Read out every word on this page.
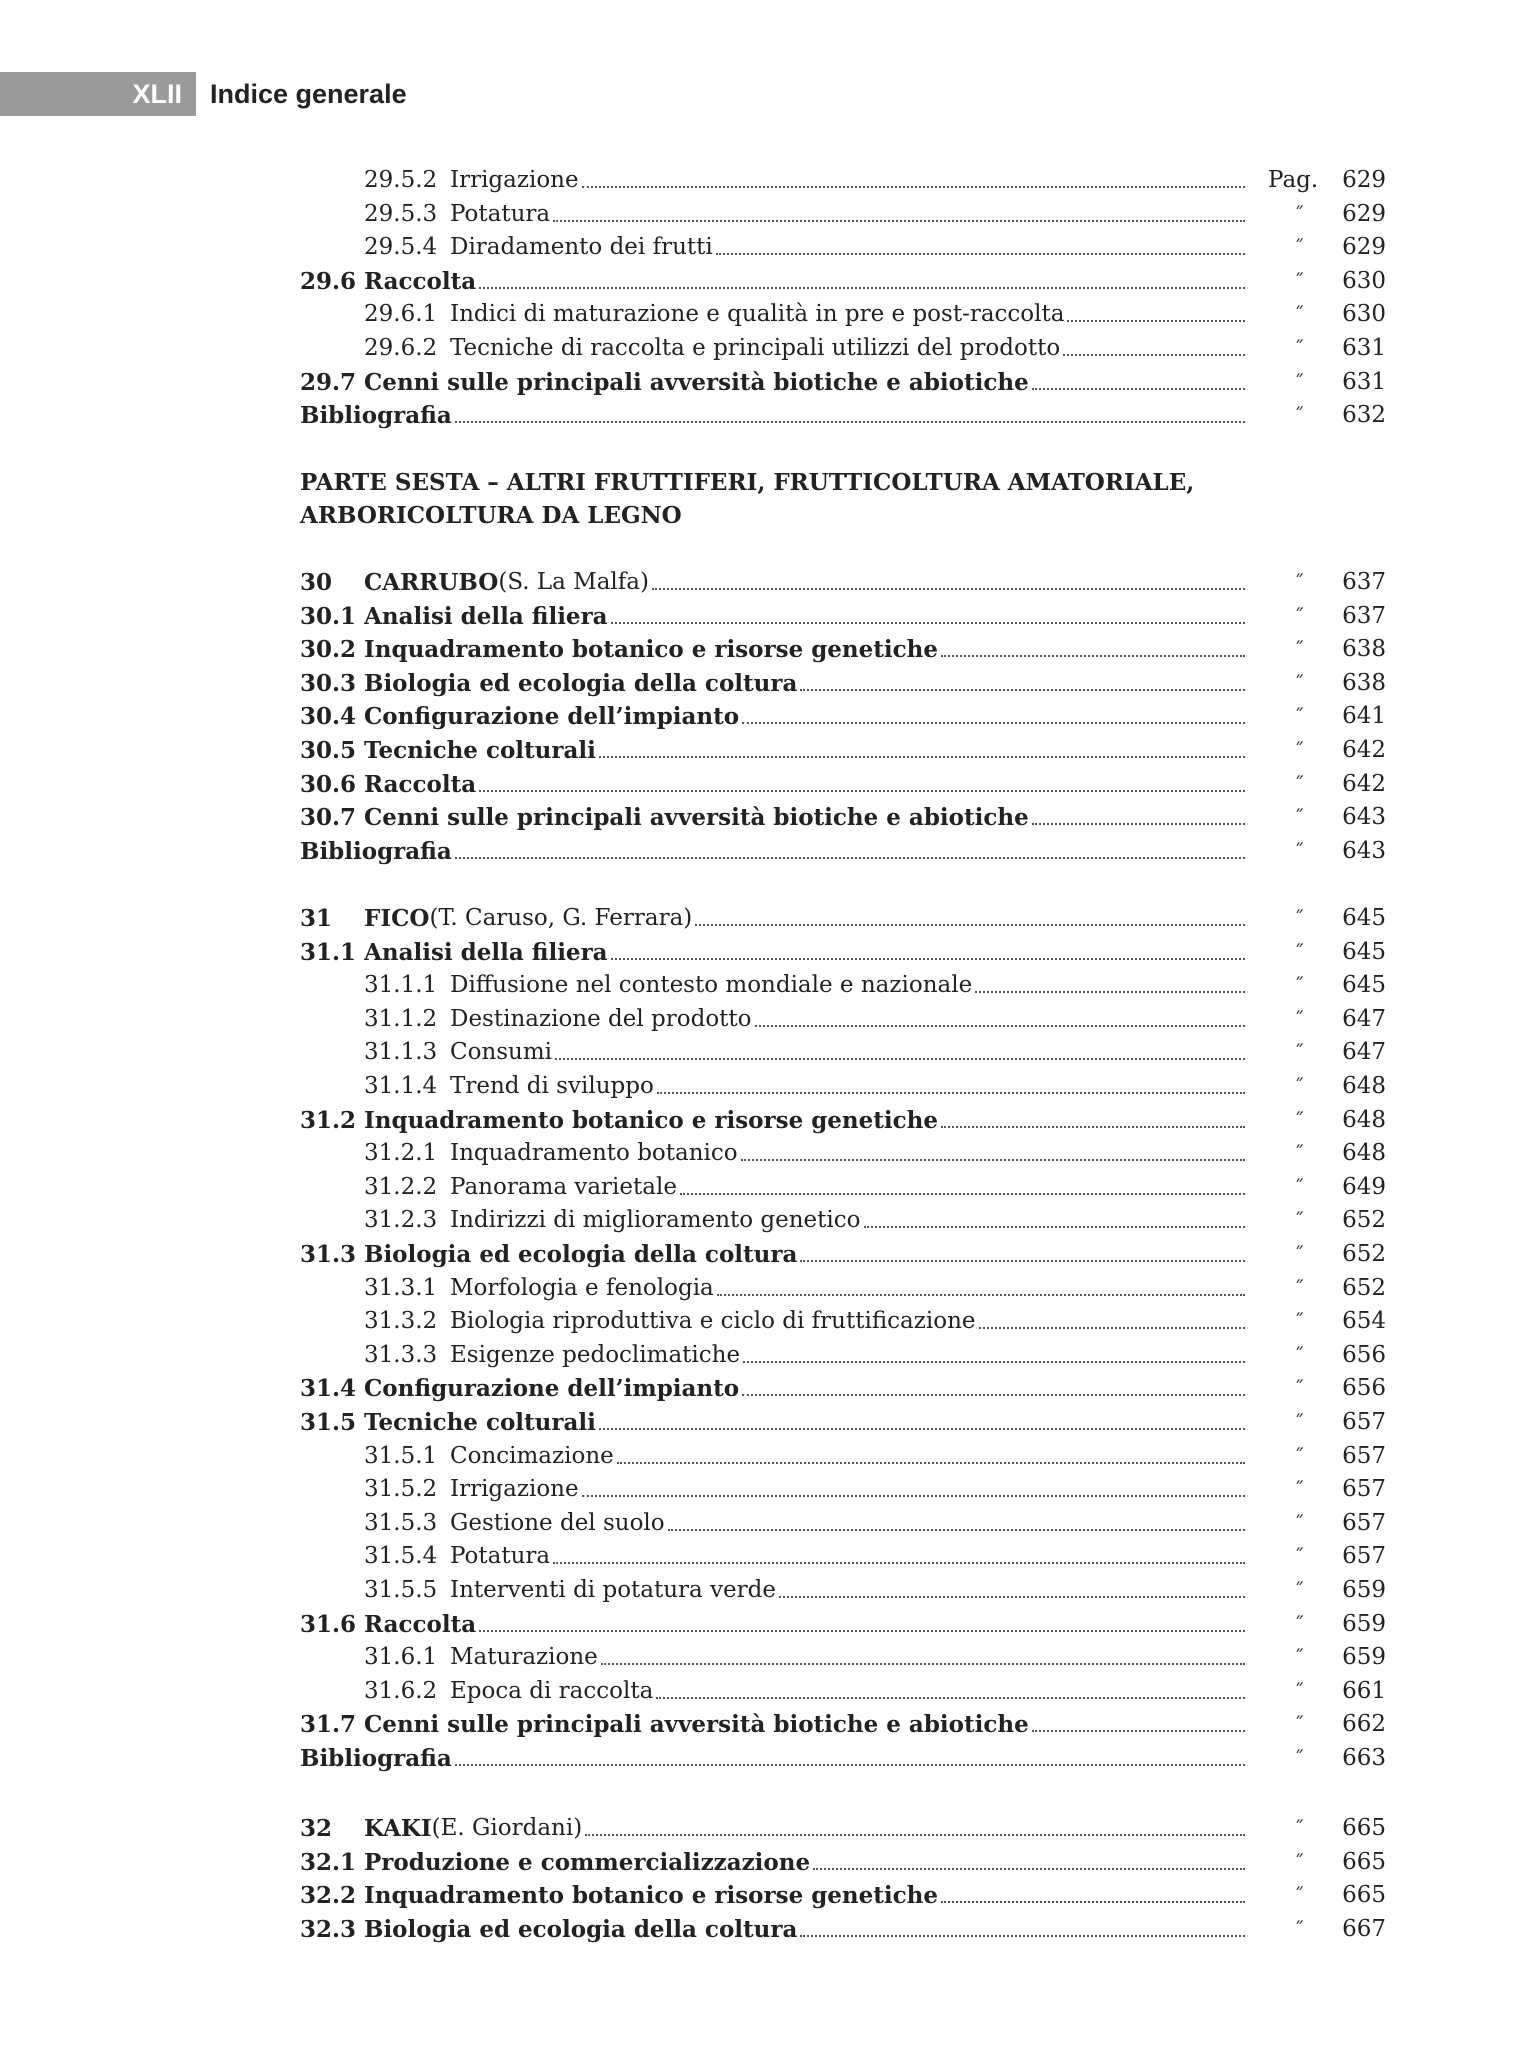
XLII	Indice generale
PARTE SESTA – ALTRI FRUTTIFERI, FRUTTICOLTURA AMATORIALE,
ARBORICOLTURA DA LEGNO
29.5.2 Irrigazione	Pag.	629
29.5.3 Potatura	˝	629
29.5.4 Diradamento dei frutti	˝	629
29.6 Raccolta	˝	630
29.6.1 Indici di maturazione e qualità in pre e post-raccolta	˝	630
29.6.2 Tecniche di raccolta e principali utilizzi del prodotto	˝	631
29.7 Cenni sulle principali avversità biotiche e abiotiche	˝	631
Bibliografia	˝	632
30 CARRUBO (S. La Malfa)	˝	637
30.1 Analisi della filiera	˝	637
30.2 Inquadramento botanico e risorse genetiche	˝	638
30.3 Biologia ed ecologia della coltura	˝	638
30.4 Configurazione dell’impianto	˝	641
30.5 Tecniche colturali	˝	642
30.6 Raccolta	˝	642
30.7 Cenni sulle principali avversità biotiche e abiotiche	˝	643
Bibliografia	˝	643
31 FICO (T. Caruso, G. Ferrara)	˝	645
31.1 Analisi della filiera	˝	645
31.1.1 Diffusione nel contesto mondiale e nazionale	˝	645
31.1.2 Destinazione del prodotto	˝	647
31.1.3 Consumi	˝	647
31.1.4 Trend di sviluppo	˝	648
31.2 Inquadramento botanico e risorse genetiche	˝	648
31.2.1 Inquadramento botanico	˝	648
31.2.2 Panorama varietale	˝	649
31.2.3 Indirizzi di miglioramento genetico	˝	652
31.3 Biologia ed ecologia della coltura	˝	652
31.3.1 Morfologia e fenologia	˝	652
31.3.2 Biologia riproduttiva e ciclo di fruttificazione	˝	654
31.3.3 Esigenze pedoclimatiche	˝	656
31.4 Configurazione dell’impianto	˝	656
31.5 Tecniche colturali	˝	657
31.5.1 Concimazione	˝	657
31.5.2 Irrigazione	˝	657
31.5.3 Gestione del suolo	˝	657
31.5.4 Potatura	˝	657
31.5.5 Interventi di potatura verde	˝	659
31.6 Raccolta	˝	659
31.6.1 Maturazione	˝	659
31.6.2 Epoca di raccolta	˝	661
31.7 Cenni sulle principali avversità biotiche e abiotiche	˝	662
Bibliografia	˝	663
32 KAKI (E. Giordani)	˝	665
32.1 Produzione e commercializzazione	˝	665
32.2 Inquadramento botanico e risorse genetiche	˝	665
32.3 Biologia ed ecologia della coltura	˝	667
